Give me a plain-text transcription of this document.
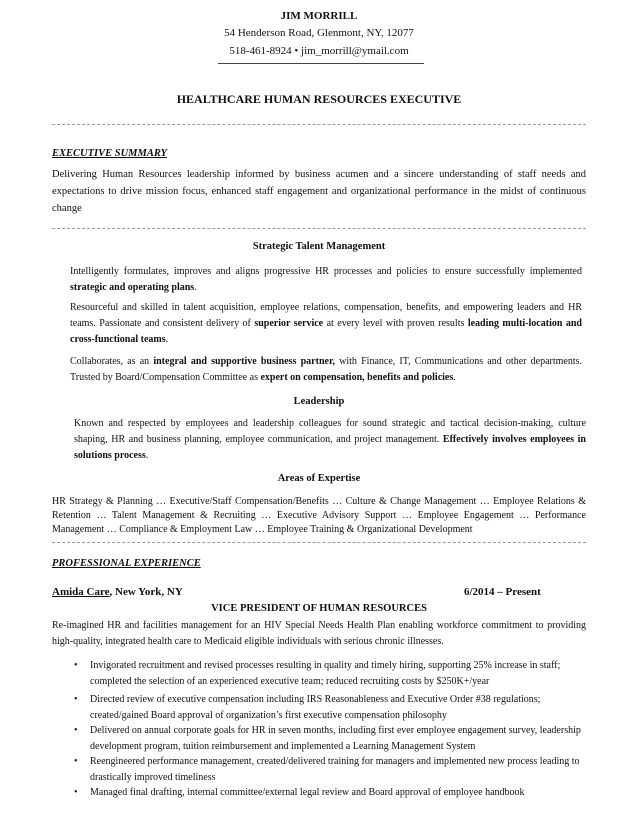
JIM MORRILL
54 Henderson Road, Glenmont, NY, 12077
518-461-8924 • jim_morrill@ymail.com
HEALTHCARE HUMAN RESOURCES EXECUTIVE
EXECUTIVE SUMMARY
Delivering Human Resources leadership informed by business acumen and a sincere understanding of staff needs and expectations to drive mission focus, enhanced staff engagement and organizational performance in the midst of continuous change
Strategic Talent Management
Intelligently formulates, improves and aligns progressive HR processes and policies to ensure successfully implemented strategic and operating plans.
Resourceful and skilled in talent acquisition, employee relations, compensation, benefits, and empowering leaders and HR teams. Passionate and consistent delivery of superior service at every level with proven results leading multi-location and cross-functional teams.
Collaborates, as an integral and supportive business partner, with Finance, IT, Communications and other departments. Trusted by Board/Compensation Committee as expert on compensation, benefits and policies.
Leadership
Known and respected by employees and leadership colleagues for sound strategic and tactical decision-making, culture shaping, HR and business planning, employee communication, and project management. Effectively involves employees in solutions process.
Areas of Expertise
HR Strategy & Planning … Executive/Staff Compensation/Benefits … Culture & Change Management … Employee Relations & Retention … Talent Management & Recruiting … Executive Advisory Support … Employee Engagement … Performance Management … Compliance & Employment Law … Employee Training & Organizational Development
PROFESSIONAL EXPERIENCE
Amida Care, New York, NY	6/2014 – Present
VICE PRESIDENT OF HUMAN RESOURCES
Re-imagined HR and facilities management for an HIV Special Needs Health Plan enabling workforce commitment to providing high-quality, integrated health care to Medicaid eligible individuals with serious chronic illnesses.
• Invigorated recruitment and revised processes resulting in quality and timely hiring, supporting 25% increase in staff; completed the selection of an experienced executive team; reduced recruiting costs by $250K+/year
• Directed review of executive compensation including IRS Reasonableness and Executive Order #38 regulations; created/gained Board approval of organization’s first executive compensation philosophy
• Delivered on annual corporate goals for HR in seven months, including first ever employee engagement survey, leadership development program, tuition reimbursement and implemented a Learning Management System
• Reengineered performance management, created/delivered training for managers and implemented new process leading to drastically improved timeliness
• Managed final drafting, internal committee/external legal review and Board approval of employee handbook
